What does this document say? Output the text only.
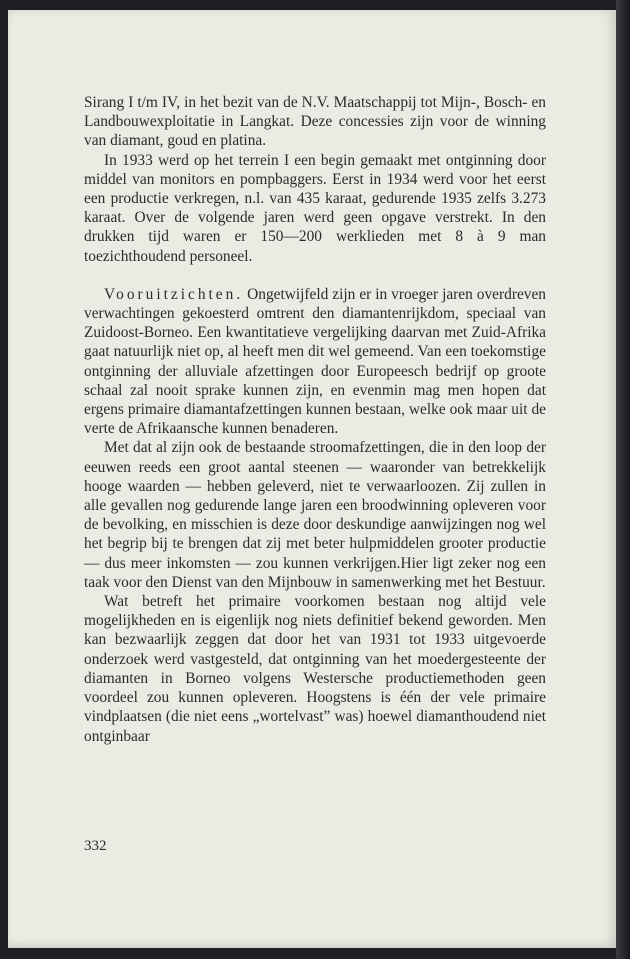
Sirang I t/m IV, in het bezit van de N.V. Maatschappij tot Mijn-, Bosch- en Landbouwexploitatie in Langkat. Deze concessies zijn voor de winning van diamant, goud en platina.

In 1933 werd op het terrein I een begin gemaakt met ontginning door middel van monitors en pompbaggers. Eerst in 1934 werd voor het eerst een productie verkregen, n.l. van 435 karaat, gedurende 1935 zelfs 3.273 karaat. Over de volgende jaren werd geen opgave verstrekt. In den drukken tijd waren er 150—200 werklieden met 8 à 9 man toezichthoudend personeel.

Vooruitzichten. Ongetwijfeld zijn er in vroeger jaren overdreven verwachtingen gekoesterd omtrent den diamantenrijkdom, speciaal van Zuidoost-Borneo. Een kwantitatieve vergelijking daarvan met Zuid-Afrika gaat natuurlijk niet op, al heeft men dit wel gemeend. Van een toekomstige ontginning der alluviale afzettingen door Europeesch bedrijf op groote schaal zal nooit sprake kunnen zijn, en evenmin mag men hopen dat ergens primaire diamantafzettingen kunnen bestaan, welke ook maar uit de verte de Afrikaansche kunnen benaderen.

Met dat al zijn ook de bestaande stroomafzettingen, die in den loop der eeuwen reeds een groot aantal steenen — waaronder van betrekkelijk hooge waarden — hebben geleverd, niet te verwaarloozen. Zij zullen in alle gevallen nog gedurende lange jaren een broodwinning opleveren voor de bevolking, en misschien is deze door deskundige aanwijzingen nog wel het begrip bij te brengen dat zij met beter hulpmiddelen grooter productie — dus meer inkomsten — zou kunnen verkrijgen.Hier ligt zeker nog een taak voor den Dienst van den Mijnbouw in samenwerking met het Bestuur.

Wat betreft het primaire voorkomen bestaan nog altijd vele mogelijkheden en is eigenlijk nog niets definitief bekend geworden. Men kan bezwaarlijk zeggen dat door het van 1931 tot 1933 uitgevoerde onderzoek werd vastgesteld, dat ontginning van het moedergesteente der diamanten in Borneo volgens Westersche productiemethoden geen voordeel zou kunnen opleveren. Hoogstens is één der vele primaire vindplaatsen (die niet eens „wortelvast” was) hoewel diamanthoudend niet ontginbaar

332
